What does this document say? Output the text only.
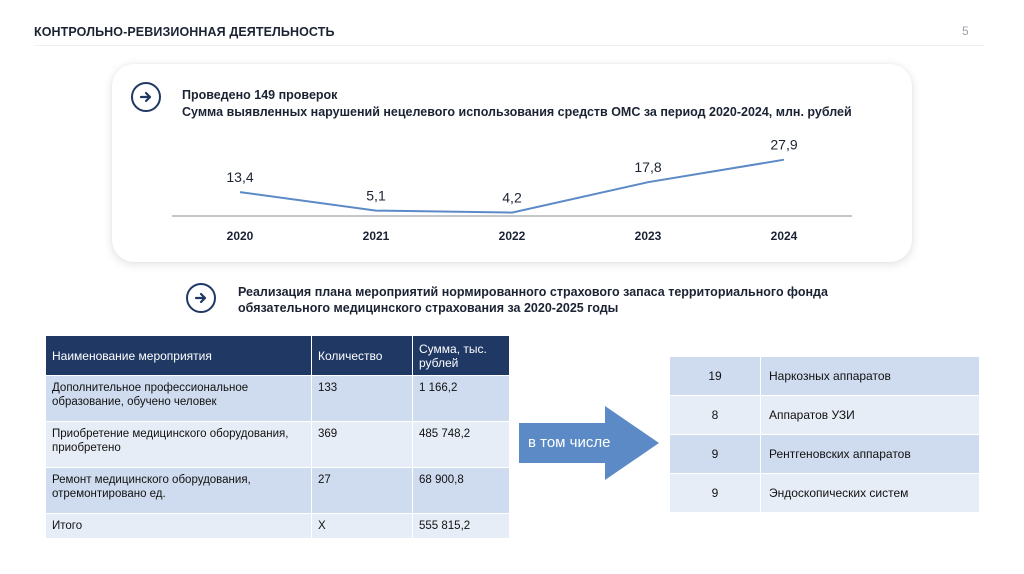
КОНТРОЛЬНО-РЕВИЗИОННАЯ ДЕЯТЕЛЬНОСТЬ	5
Проведено 149 проверок
Сумма выявленных нарушений нецелевого использования средств ОМС за период 2020-2024, млн. рублей
13,4
2020
5,1
2021
4,2
2022
17,8
2023
27,9
2024
Реализация плана мероприятий нормированного страхового запаса территориального фонда обязательного медицинского страхования за 2020-2025 годы
Наименование мероприятия	Количество	Сумма, тыс. рублей
Дополнительное профессиональное образование, обучено человек	133	1 166,2
Приобретение медицинского оборудования, приобретено	369	485 748,2
Ремонт медицинского оборудования, отремонтировано ед.	27	68 900,8
Итого	Х	555 815,2
в том числе
19	Наркозных аппаратов
8	Аппаратов УЗИ
9	Рентгеновских аппаратов
9	Эндоскопических систем
